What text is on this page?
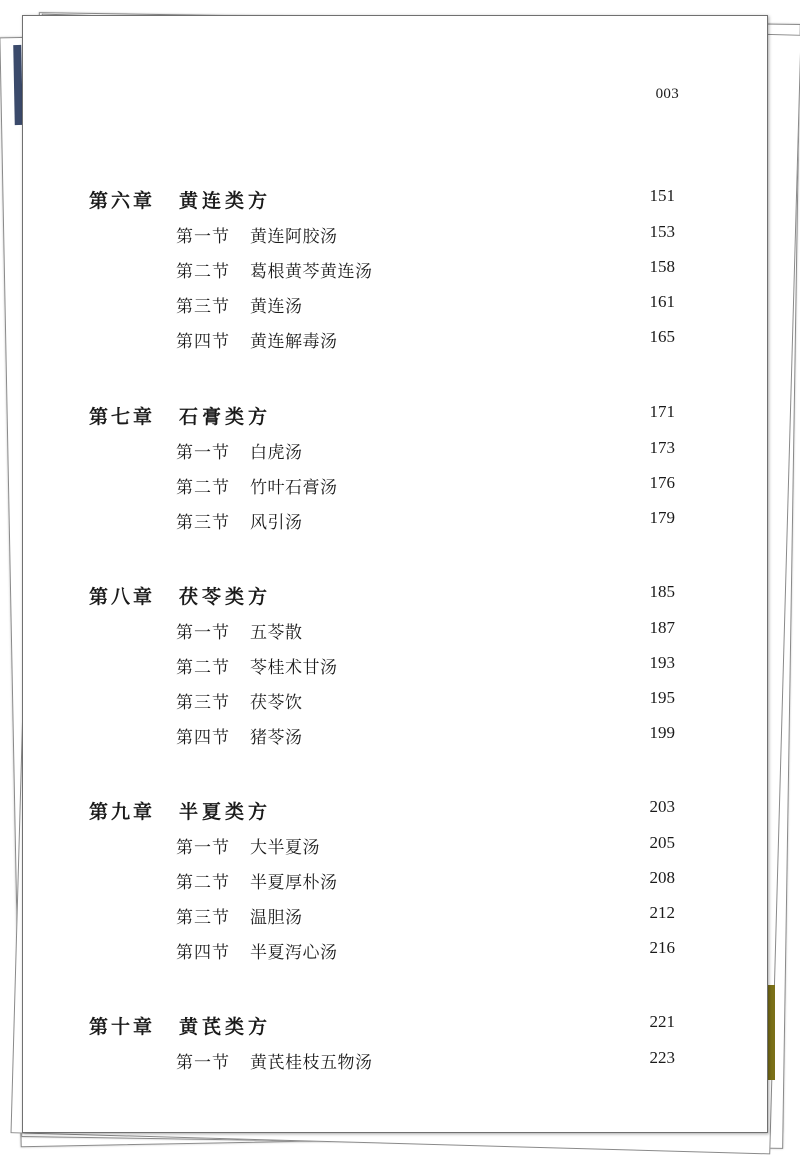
003
第六章 黄连类方	151
第一节 黄连阿胶汤	153
第二节 葛根黄芩黄连汤	158
第三节 黄连汤	161
第四节 黄连解毒汤	165
第七章 石膏类方	171
第一节 白虎汤	173
第二节 竹叶石膏汤	176
第三节 风引汤	179
第八章 茯苓类方	185
第一节 五苓散	187
第二节 苓桂术甘汤	193
第三节 茯苓饮	195
第四节 猪苓汤	199
第九章 半夏类方	203
第一节 大半夏汤	205
第二节 半夏厚朴汤	208
第三节 温胆汤	212
第四节 半夏泻心汤	216
第十章 黄芪类方	221
第一节 黄芪桂枝五物汤	223
